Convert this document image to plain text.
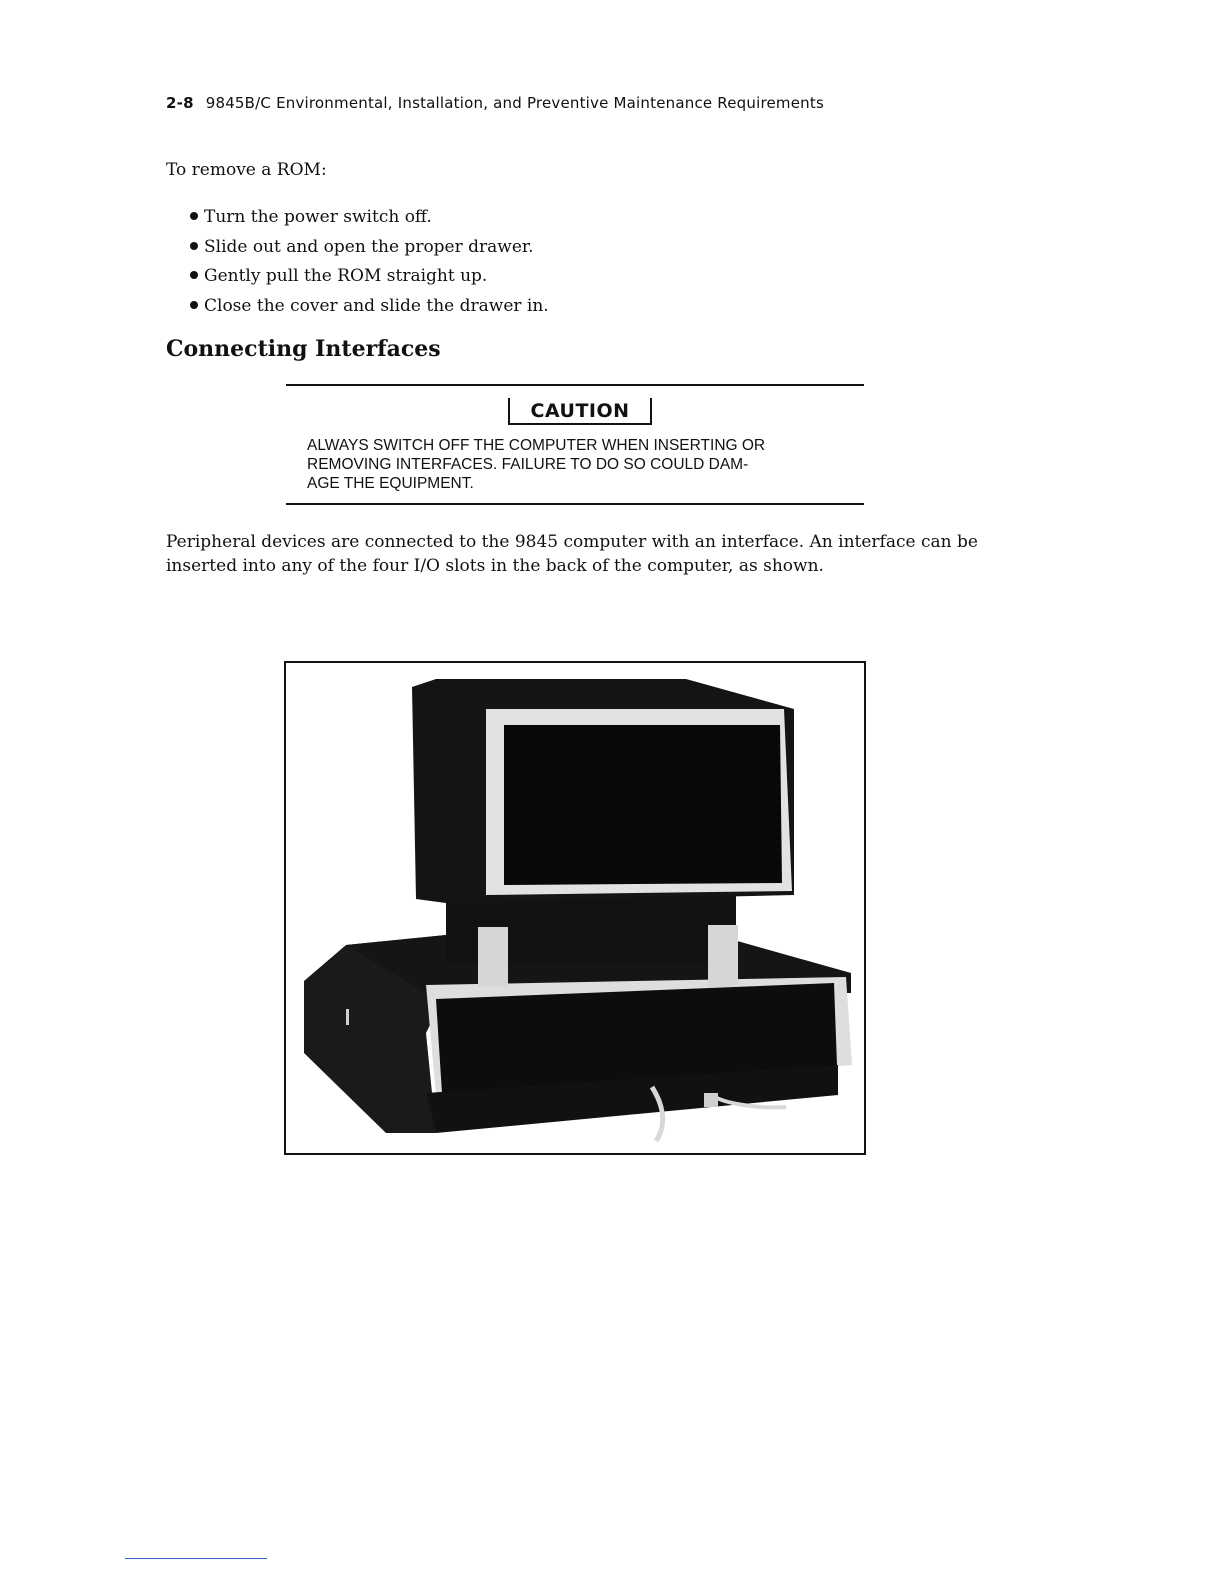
2-8 9845B/C Environmental, Installation, and Preventive Maintenance Requirements
To remove a ROM:
Turn the power switch off.
Slide out and open the proper drawer.
Gently pull the ROM straight up.
Close the cover and slide the drawer in.
Connecting Interfaces
CAUTION
ALWAYS SWITCH OFF THE COMPUTER WHEN INSERTING OR
REMOVING INTERFACES. FAILURE TO DO SO COULD DAM-
AGE THE EQUIPMENT.
Peripheral devices are connected to the 9845 computer with an interface. An interface can be
inserted into any of the four I/O slots in the back of the computer, as shown.
